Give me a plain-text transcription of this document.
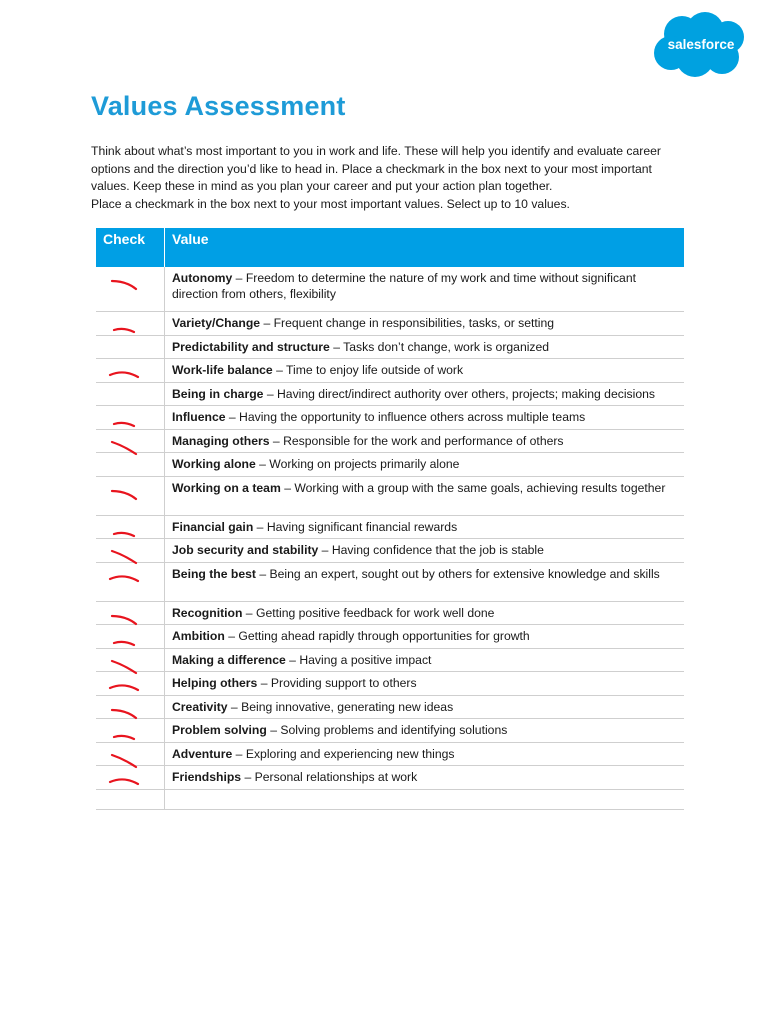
salesforce
Values Assessment

Think about what’s most important to you in work and life. These will help you identify and evaluate career options and the direction you’d like to head in. Place a checkmark in the box next to your most important values. Keep these in mind as you plan your career and put your action plan together.

Place a checkmark in the box next to your most important values. Select up to 10 values.

Check	Value

	Autonomy – Freedom to determine the nature of my work and time without significant direction from others, flexibility

	Variety/Change – Frequent change in responsibilities, tasks, or setting
	Predictability and structure – Tasks don’t change, work is organized

	Work-life balance – Time to enjoy life outside of work
	Being in charge – Having direct/indirect authority over others, projects; making decisions

	Influence – Having the opportunity to influence others across multiple teams

	Managing others – Responsible for the work and performance of others
	Working alone – Working on projects primarily alone

	Working on a team – Working with a group with the same goals, achieving results together

	Financial gain – Having significant financial rewards

	Job security and stability – Having confidence that the job is stable

	Being the best – Being an expert, sought out by others for extensive knowledge and skills

	Recognition – Getting positive feedback for work well done

	Ambition – Getting ahead rapidly through opportunities for growth

	Making a difference – Having a positive impact

	Helping others – Providing support to others

	Creativity – Being innovative, generating new ideas

	Problem solving – Solving problems and identifying solutions

	Adventure – Exploring and experiencing new things

	Friendships – Personal relationships at work
